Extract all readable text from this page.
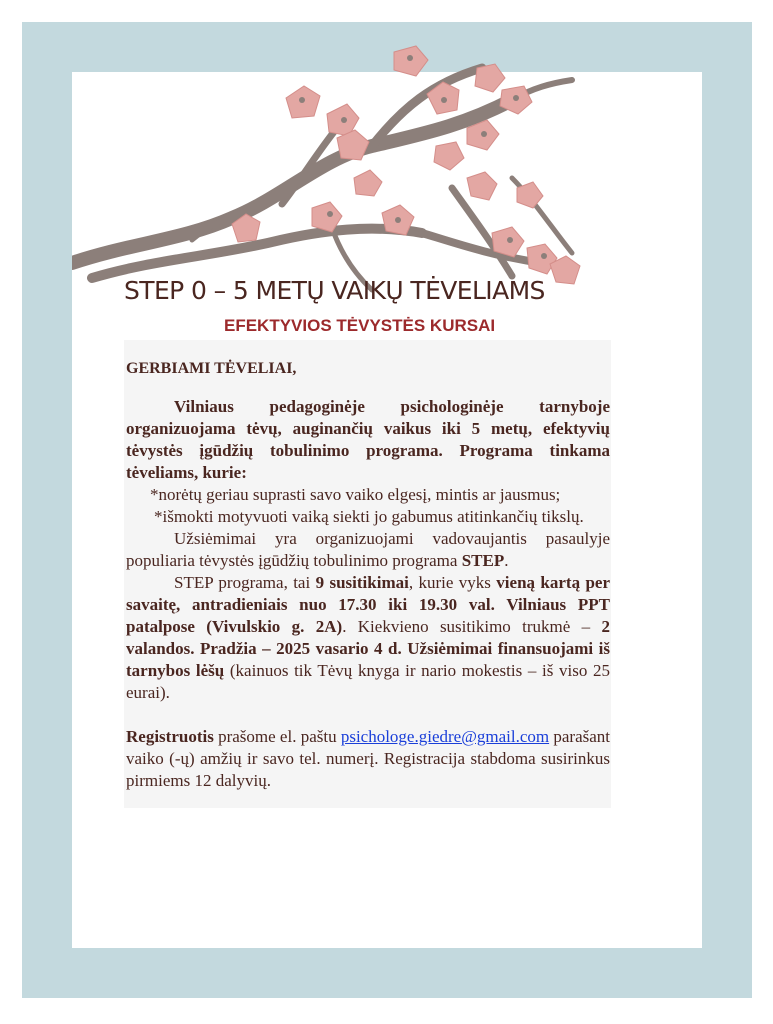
STEP 0 – 5 METŲ VAIKŲ TĖVELIAMS
EFEKTYVIOS TĖVYSTĖS KURSAI

GERBIAMI TĖVELIAI,

Vilniaus pedagoginėje psichologinėje tarnyboje organizuojama tėvų, auginančių vaikus iki 5 metų, efektyvių tėvystės įgūdžių tobulinimo programa. Programa tinkama tėveliams, kurie:

*norėtų geriau suprasti savo vaiko elgesį, mintis ar jausmus;

*išmokti motyvuoti vaiką siekti jo gabumus atitinkančių tikslų.

Užsiėmimai yra organizuojami vadovaujantis pasaulyje populiaria tėvystės įgūdžių tobulinimo programa STEP.

STEP programa, tai 9 susitikimai, kurie vyks vieną kartą per savaitę, antradieniais nuo 17.30 iki 19.30 val. Vilniaus PPT patalpose (Vivulskio g. 2A). Kiekvieno susitikimo trukmė – 2 valandos. Pradžia – 2025 vasario 4 d. Užsiėmimai finansuojami iš tarnybos lėšų (kainuos tik Tėvų knyga ir nario mokestis – iš viso 25 eurai).

Registruotis prašome el. paštu psichologe.giedre@gmail.com parašant vaiko (-ų) amžių ir savo tel. numerį. Registracija stabdoma susirinkus pirmiems 12 dalyvių.
